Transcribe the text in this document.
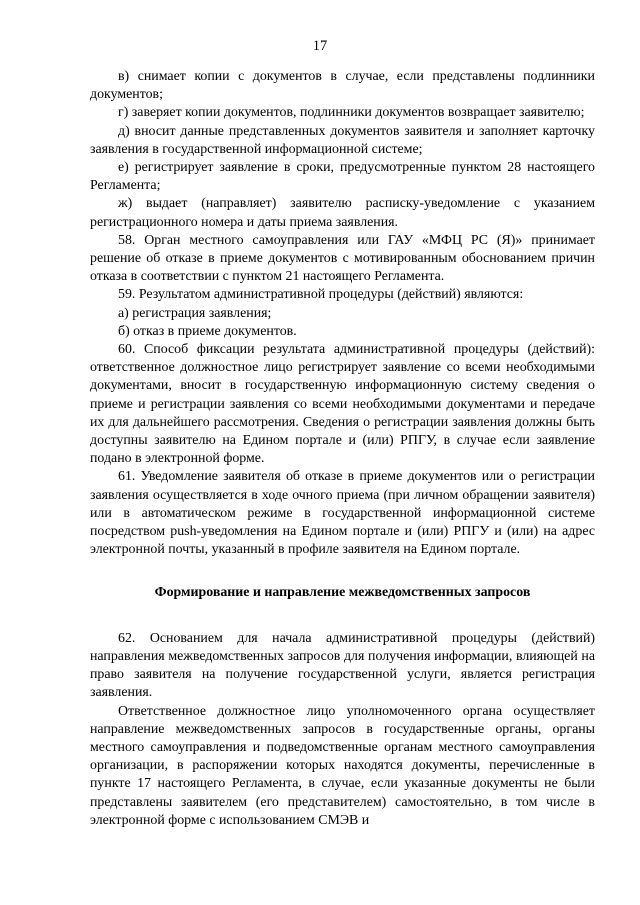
17

в) снимает копии с документов в случае, если представлены подлинники документов;

г) заверяет копии документов, подлинники документов возвращает заявителю;

д) вносит данные представленных документов заявителя и заполняет карточку заявления в государственной информационной системе;

е) регистрирует заявление в сроки, предусмотренные пунктом 28 настоящего Регламента;

ж) выдает (направляет) заявителю расписку-уведомление с указанием регистрационного номера и даты приема заявления.

58. Орган местного самоуправления или ГАУ «МФЦ РС (Я)» принимает решение об отказе в приеме документов с мотивированным обоснованием причин отказа в соответствии с пунктом 21 настоящего Регламента.

59. Результатом административной процедуры (действий) являются:

а) регистрация заявления;

б) отказ в приеме документов.

60. Способ фиксации результата административной процедуры (действий): ответственное должностное лицо регистрирует заявление со всеми необходимыми документами, вносит в государственную информационную систему сведения о приеме и регистрации заявления со всеми необходимыми документами и передаче их для дальнейшего рассмотрения. Сведения о регистрации заявления должны быть доступны заявителю на Едином портале и (или) РПГУ, в случае если заявление подано в электронной форме.

61. Уведомление заявителя об отказе в приеме документов или о регистрации заявления осуществляется в ходе очного приема (при личном обращении заявителя) или в автоматическом режиме в государственной информационной системе посредством push-уведомления на Едином портале и (или) РПГУ и (или) на адрес электронной почты, указанный в профиле заявителя на Едином портале.

Формирование и направление межведомственных запросов

62. Основанием для начала административной процедуры (действий) направления межведомственных запросов для получения информации, влияющей на право заявителя на получение государственной услуги, является регистрация заявления.

Ответственное должностное лицо уполномоченного органа осуществляет направление межведомственных запросов в государственные органы, органы местного самоуправления и подведомственные органам местного самоуправления организации, в распоряжении которых находятся документы, перечисленные в пункте 17 настоящего Регламента, в случае, если указанные документы не были представлены заявителем (его представителем) самостоятельно, в том числе в электронной форме с использованием СМЭВ и
